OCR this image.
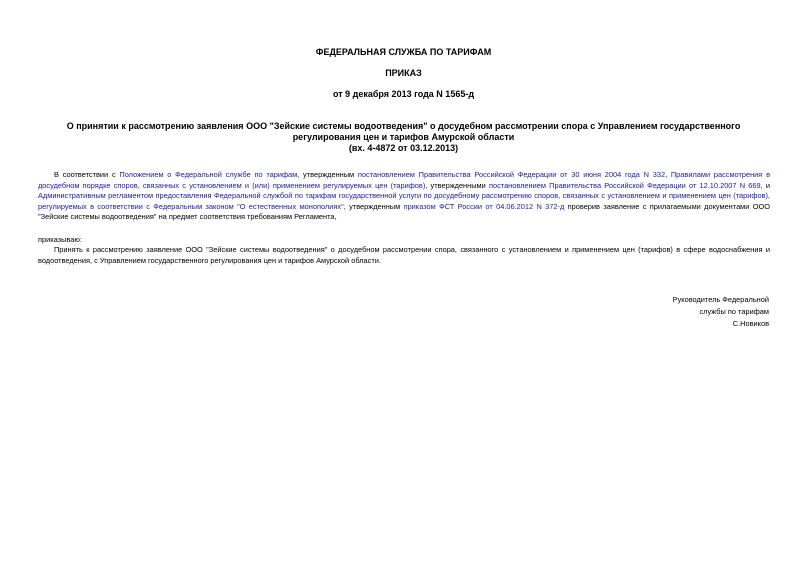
ФЕДЕРАЛЬНАЯ СЛУЖБА ПО ТАРИФАМ
ПРИКАЗ
от 9 декабря 2013 года N 1565-д
О принятии к рассмотрению заявления ООО "Зейские системы водоотведения" о досудебном рассмотрении спора с Управлением государственного
регулирования цен и тарифов Амурской области
(вх. 4-4872 от 03.12.2013)
В соответствии с Положением о Федеральной службе по тарифам, утвержденным постановлением Правительства Российской Федерации от 30 июня 2004 года N 332, Правилами рассмотрения в досудебном порядке споров, связанных с установлением и (или) применением регулируемых цен (тарифов), утвержденными постановлением Правительства Российской Федерации от 12.10.2007 N 669, и Административным регламентом предоставления Федеральной службой по тарифам государственной услуги по досудебному рассмотрению споров, связанных с установлением и применением цен (тарифов), регулируемых в соответствии с Федеральным законом "О естественных монополиях", утвержденным приказом ФСТ России от 04.06.2012 N 372-д проверив заявление с прилагаемыми документами ООО "Зейские системы водоотведения" на предмет соответствия требованиям Регламента,
приказываю:
Принять к рассмотрению заявление ООО "Зейские системы водоотведения" о досудебном рассмотрении спора, связанного с установлением и применением цен (тарифов) в сфере водоснабжения и водоотведения, с Управлением государственного регулирования цен и тарифов Амурской области.
Руководитель Федеральной
службы по тарифам
С.Новиков
